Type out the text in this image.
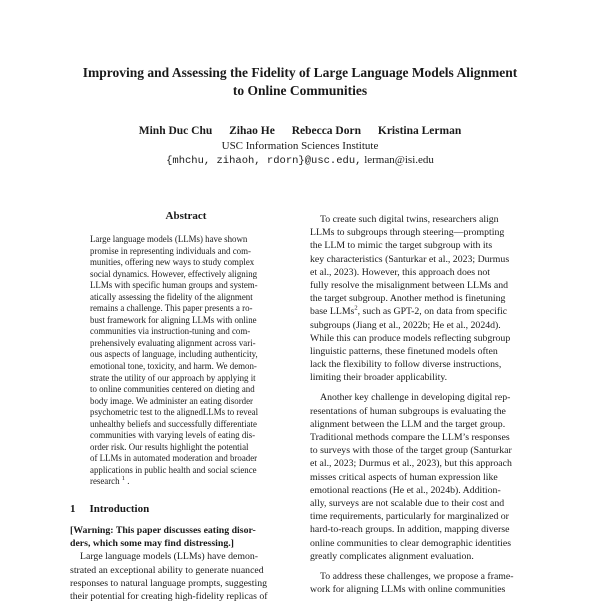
Improving and Assessing the Fidelity of Large Language Models Alignment
to Online Communities
Minh Duc Chu Zihao He Rebecca Dorn Kristina Lerman
USC Information Sciences Institute
{mhchu, zihaoh, rdorn}@usc.edu, lerman@isi.edu
Abstract
Large language models (LLMs) have shown
promise in representing individuals and com-
munities, offering new ways to study complex
social dynamics. However, effectively aligning
LLMs with specific human groups and system-
atically assessing the fidelity of the alignment
remains a challenge. This paper presents a ro-
bust framework for aligning LLMs with online
communities via instruction-tuning and com-
prehensively evaluating alignment across vari-
ous aspects of language, including authenticity,
emotional tone, toxicity, and harm. We demon-
strate the utility of our approach by applying it
to online communities centered on dieting and
body image. We administer an eating disorder
psychometric test to the alignedLLMs to reveal
unhealthy beliefs and successfully differentiate
communities with varying levels of eating dis-
order risk. Our results highlight the potential
of LLMs in automated moderation and broader
applications in public health and social science
research $^1$ .
1 Introduction
[Warning: This paper discusses eating disor-
ders, which some may find distressing.]
Large language models (LLMs) have demon-
strated an exceptional ability to generate nuanced
responses to natural language prompts, suggesting
their potential for creating high-fidelity replicas of
To create such digital twins, researchers align
LLMs to subgroups through steering—prompting
the LLM to mimic the target subgroup with its
key characteristics (Santurkar et al., 2023; Durmus
et al., 2023). However, this approach does not
fully resolve the misalignment between LLMs and
the target subgroup. Another method is finetuning
base LLMs$^2$, such as GPT-2, on data from specific
subgroups (Jiang et al., 2022b; He et al., 2024d).
While this can produce models reflecting subgroup
linguistic patterns, these finetuned models often
lack the flexibility to follow diverse instructions,
limiting their broader applicability.
Another key challenge in developing digital rep-
resentations of human subgroups is evaluating the
alignment between the LLM and the target group.
Traditional methods compare the LLM’s responses
to surveys with those of the target group (Santurkar
et al., 2023; Durmus et al., 2023), but this approach
misses critical aspects of human expression like
emotional reactions (He et al., 2024b). Addition-
ally, surveys are not scalable due to their cost and
time requirements, particularly for marginalized or
hard-to-reach groups. In addition, mapping diverse
online communities to clear demographic identities
greatly complicates alignment evaluation.
To address these challenges, we propose a frame-
work for aligning LLMs with online communities
